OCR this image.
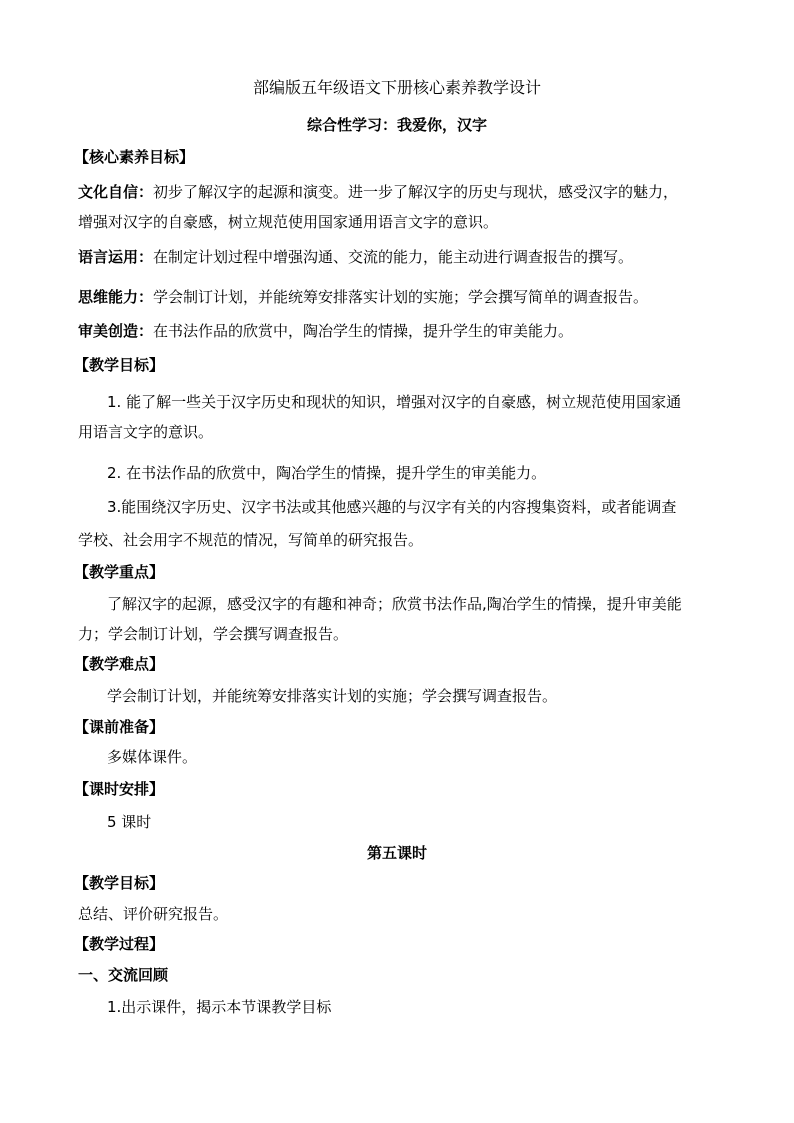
部编版五年级语文下册核心素养教学设计
综合性学习：我爱你，汉字
【核心素养目标】
文化自信：初步了解汉字的起源和演变。进一步了解汉字的历史与现状，感受汉字的魅力，
增强对汉字的自豪感，树立规范使用国家通用语言文字的意识。
语言运用：在制定计划过程中增强沟通、交流的能力，能主动进行调查报告的撰写。
思维能力：学会制订计划，并能统筹安排落实计划的实施；学会撰写简单的调查报告。
审美创造：在书法作品的欣赏中，陶冶学生的情操，提升学生的审美能力。
【教学目标】
1. 能了解一些关于汉字历史和现状的知识，增强对汉字的自豪感，树立规范使用国家通
用语言文字的意识。
2. 在书法作品的欣赏中，陶冶学生的情操，提升学生的审美能力。
3.能围绕汉字历史、汉字书法或其他感兴趣的与汉字有关的内容搜集资料，或者能调查
学校、社会用字不规范的情况，写简单的研究报告。
【教学重点】
了解汉字的起源，感受汉字的有趣和神奇；欣赏书法作品,陶冶学生的情操，提升审美能
力；学会制订计划，学会撰写调查报告。
【教学难点】
学会制订计划，并能统筹安排落实计划的实施；学会撰写调查报告。
【课前准备】
多媒体课件。
【课时安排】
5 课时
第五课时
【教学目标】
总结、评价研究报告。
【教学过程】
一、交流回顾
1.出示课件，揭示本节课教学目标
